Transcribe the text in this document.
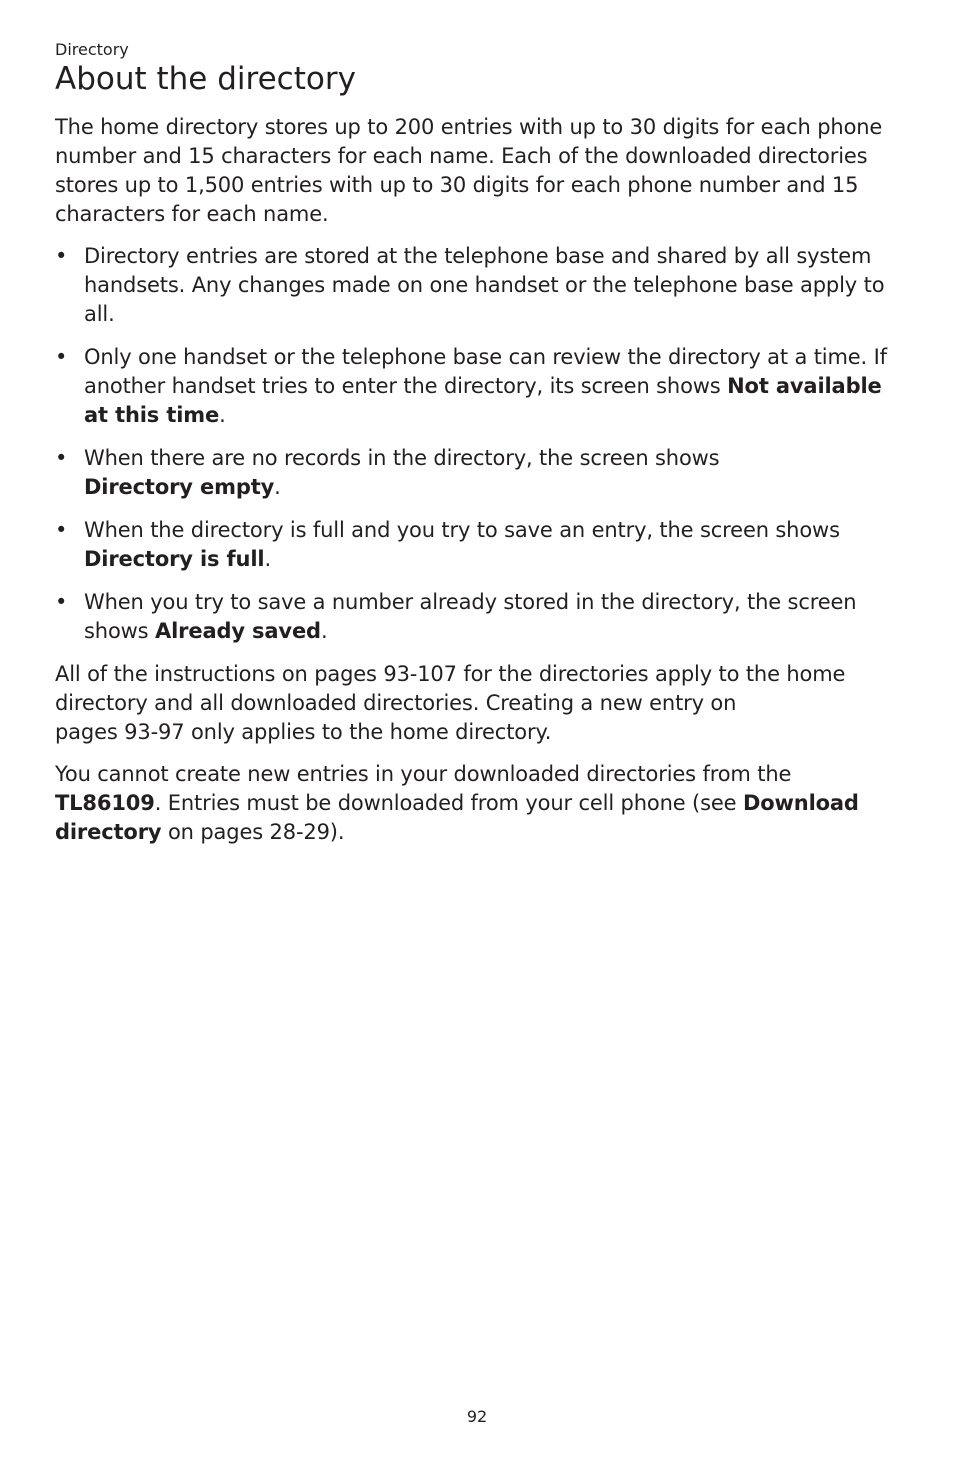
Directory

About the directory

The home directory stores up to 200 entries with up to 30 digits for each phone number and 15 characters for each name. Each of the downloaded directories stores up to 1,500 entries with up to 30 digits for each phone number and 15 characters for each name.

• Directory entries are stored at the telephone base and shared by all system handsets. Any changes made on one handset or the telephone base apply to all.
• Only one handset or the telephone base can review the directory at a time. If another handset tries to enter the directory, its screen shows Not available at this time.
• When there are no records in the directory, the screen shows
Directory empty.
• When the directory is full and you try to save an entry, the screen shows Directory is full.
• When you try to save a number already stored in the directory, the screen shows Already saved.

All of the instructions on pages 93-107 for the directories apply to the home directory and all downloaded directories. Creating a new entry on
pages 93-97 only applies to the home directory.

You cannot create new entries in your downloaded directories from the TL86109. Entries must be downloaded from your cell phone (see Download directory on pages 28-29).

92
